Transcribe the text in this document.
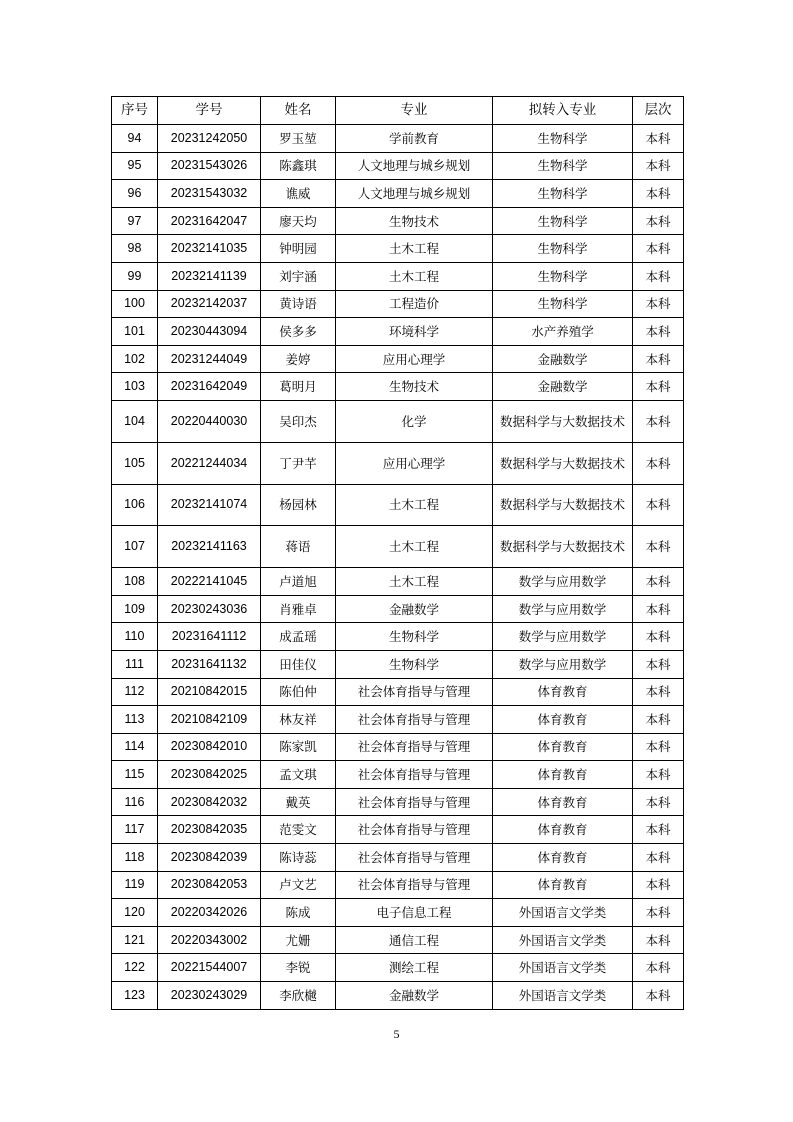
序号	学号	姓名	专业	拟转入专业	层次
94	20231242050	罗玉堃	学前教育	生物科学	本科
95	20231543026	陈鑫琪	人文地理与城乡规划	生物科学	本科
96	20231543032	谯威	人文地理与城乡规划	生物科学	本科
97	20231642047	廖天均	生物技术	生物科学	本科
98	20232141035	钟明园	土木工程	生物科学	本科
99	20232141139	刘宇涵	土木工程	生物科学	本科
100	20232142037	黄诗语	工程造价	生物科学	本科
101	20230443094	侯多多	环境科学	水产养殖学	本科
102	20231244049	姜婷	应用心理学	金融数学	本科
103	20231642049	葛明月	生物技术	金融数学	本科
104	20220440030	吴印杰	化学	数据科学与大数据技术	本科
105	20221244034	丁尹芊	应用心理学	数据科学与大数据技术	本科
106	20232141074	杨园林	土木工程	数据科学与大数据技术	本科
107	20232141163	蒋语	土木工程	数据科学与大数据技术	本科
108	20222141045	卢道旭	土木工程	数学与应用数学	本科
109	20230243036	肖雅卓	金融数学	数学与应用数学	本科
110	20231641112	成孟瑶	生物科学	数学与应用数学	本科
111	20231641132	田佳仪	生物科学	数学与应用数学	本科
112	20210842015	陈伯仲	社会体育指导与管理	体育教育	本科
113	20210842109	林友祥	社会体育指导与管理	体育教育	本科
114	20230842010	陈家凯	社会体育指导与管理	体育教育	本科
115	20230842025	孟文琪	社会体育指导与管理	体育教育	本科
116	20230842032	戴英	社会体育指导与管理	体育教育	本科
117	20230842035	范雯文	社会体育指导与管理	体育教育	本科
118	20230842039	陈诗蕊	社会体育指导与管理	体育教育	本科
119	20230842053	卢文艺	社会体育指导与管理	体育教育	本科
120	20220342026	陈成	电子信息工程	外国语言文学类	本科
121	20220343002	尤姗	通信工程	外国语言文学类	本科
122	20221544007	李锐	测绘工程	外国语言文学类	本科
123	20230243029	李欣樾	金融数学	外国语言文学类	本科
5
